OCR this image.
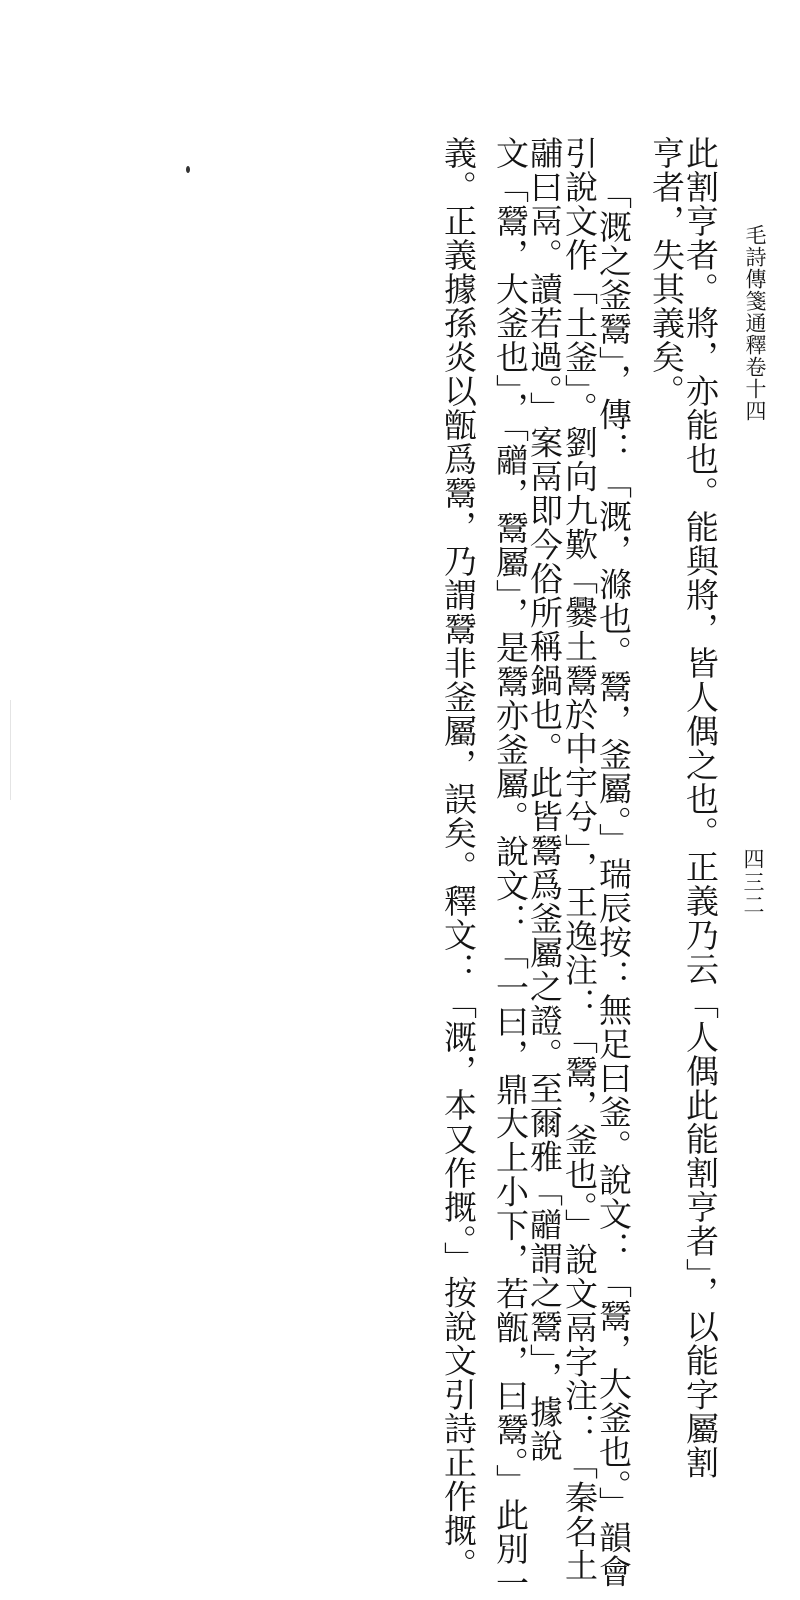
毛詩傳箋通釋卷十四
四三二
此割亨者。將，亦能也。能與將，皆人偶之也。正義乃云「人偶此能割亨者」，以能字屬割
亨者，失其義矣。
「溉之釜鬵」，傳：「溉，滌也。鬵，釜屬。」瑞辰按：無足曰釜。說文：「鬵，大釜也。」韻會
引說文作「土釜」。劉向九歎「爨土鬵於中宇兮」，王逸注：「鬵，釜也。」說文鬲字注：「秦名土
鬴曰鬲。讀若過。」案鬲即今俗所稱鍋也。此皆鬵爲釜屬之證。至爾雅「䰝謂之鬵」，據說
文「鬵，大釜也」，「䰝，鬵屬」，是鬵亦釜屬。說文：「一曰，鼎大上小下，若甑，曰鬵。」此別一
義。正義據孫炎以甑爲鬵，乃謂鬵非釜屬，誤矣。釋文：「溉，本又作摡。」按說文引詩正作摡。
